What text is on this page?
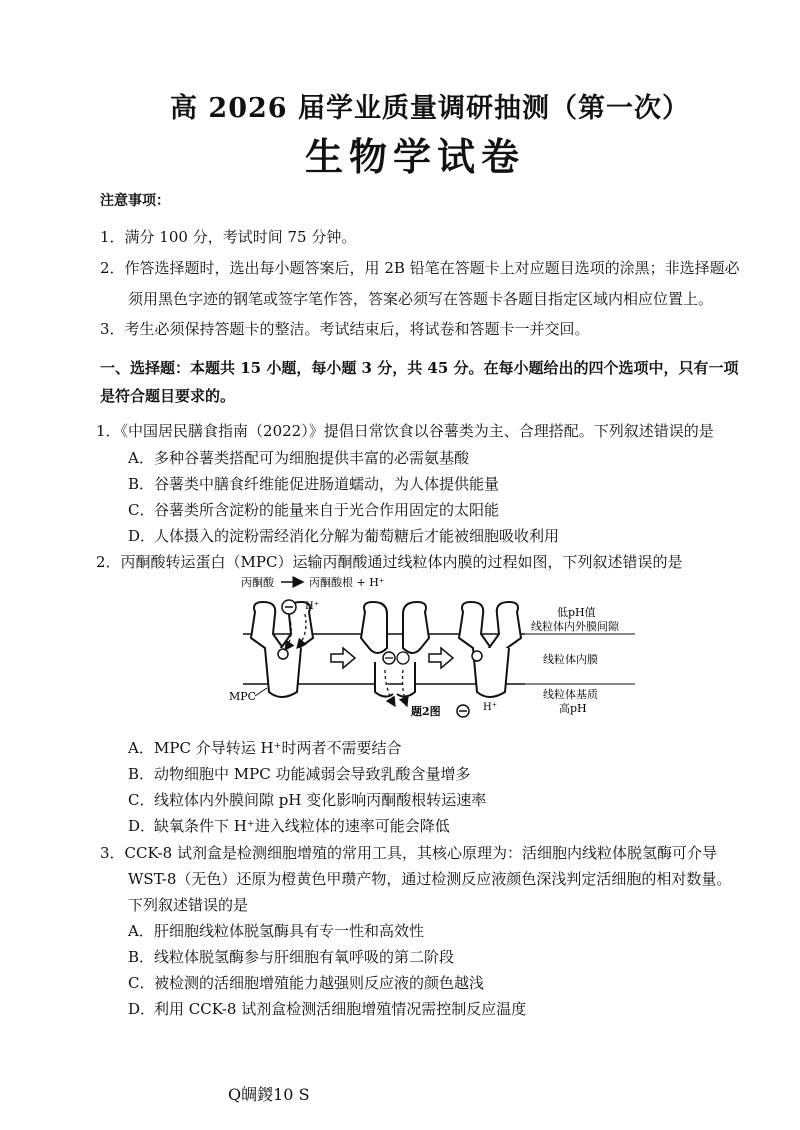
高 2026 届学业质量调研抽测（第一次）
生物学试卷
注意事项：
1．满分 100 分，考试时间 75 分钟。
2．作答选择题时，选出每小题答案后，用 2B 铅笔在答题卡上对应题目选项的涂黑；非选择题必
须用黑色字迹的钢笔或签字笔作答，答案必须写在答题卡各题目指定区域内相应位置上。
3．考生必须保持答题卡的整洁。考试结束后，将试卷和答题卡一并交回。
一、选择题：本题共 15 小题，每小题 3 分，共 45 分。在每小题给出的四个选项中，只有一项
是符合题目要求的。
1．《中国居民膳食指南（2022）》提倡日常饮食以谷薯类为主、合理搭配。下列叙述错误的是
A．多种谷薯类搭配可为细胞提供丰富的必需氨基酸
B．谷薯类中膳食纤维能促进肠道蠕动，为人体提供能量
C．谷薯类所含淀粉的能量来自于光合作用固定的太阳能
D．人体摄入的淀粉需经消化分解为葡萄糖后才能被细胞吸收利用
2．丙酮酸转运蛋白（MPC）运输丙酮酸通过线粒体内膜的过程如图，下列叙述错误的是
丙酮酸	丙酮酸根 + H⁺
H⁺	低pH值
线粒体内外膜间隙
线粒体内膜
线粒体基质
高pH
MPC
题2图	H⁺
A．MPC 介导转运 H⁺时两者不需要结合
B．动物细胞中 MPC 功能减弱会导致乳酸含量增多
C．线粒体内外膜间隙 pH 变化影响丙酮酸根转运速率
D．缺氧条件下 H⁺进入线粒体的速率可能会降低
3．CCK-8 试剂盒是检测细胞增殖的常用工具，其核心原理为：活细胞内线粒体脱氢酶可介导
WST-8（无色）还原为橙黄色甲瓒产物，通过检测反应液颜色深浅判定活细胞的相对数量。
下列叙述错误的是
A．肝细胞线粒体脱氢酶具有专一性和高效性
B．线粒体脱氢酶参与肝细胞有氧呼吸的第二阶段
C．被检测的活细胞增殖能力越强则反应液的颜色越浅
D．利用 CCK-8 试剂盒检测活细胞增殖情况需控制反应温度
Q皗鍐10 S
